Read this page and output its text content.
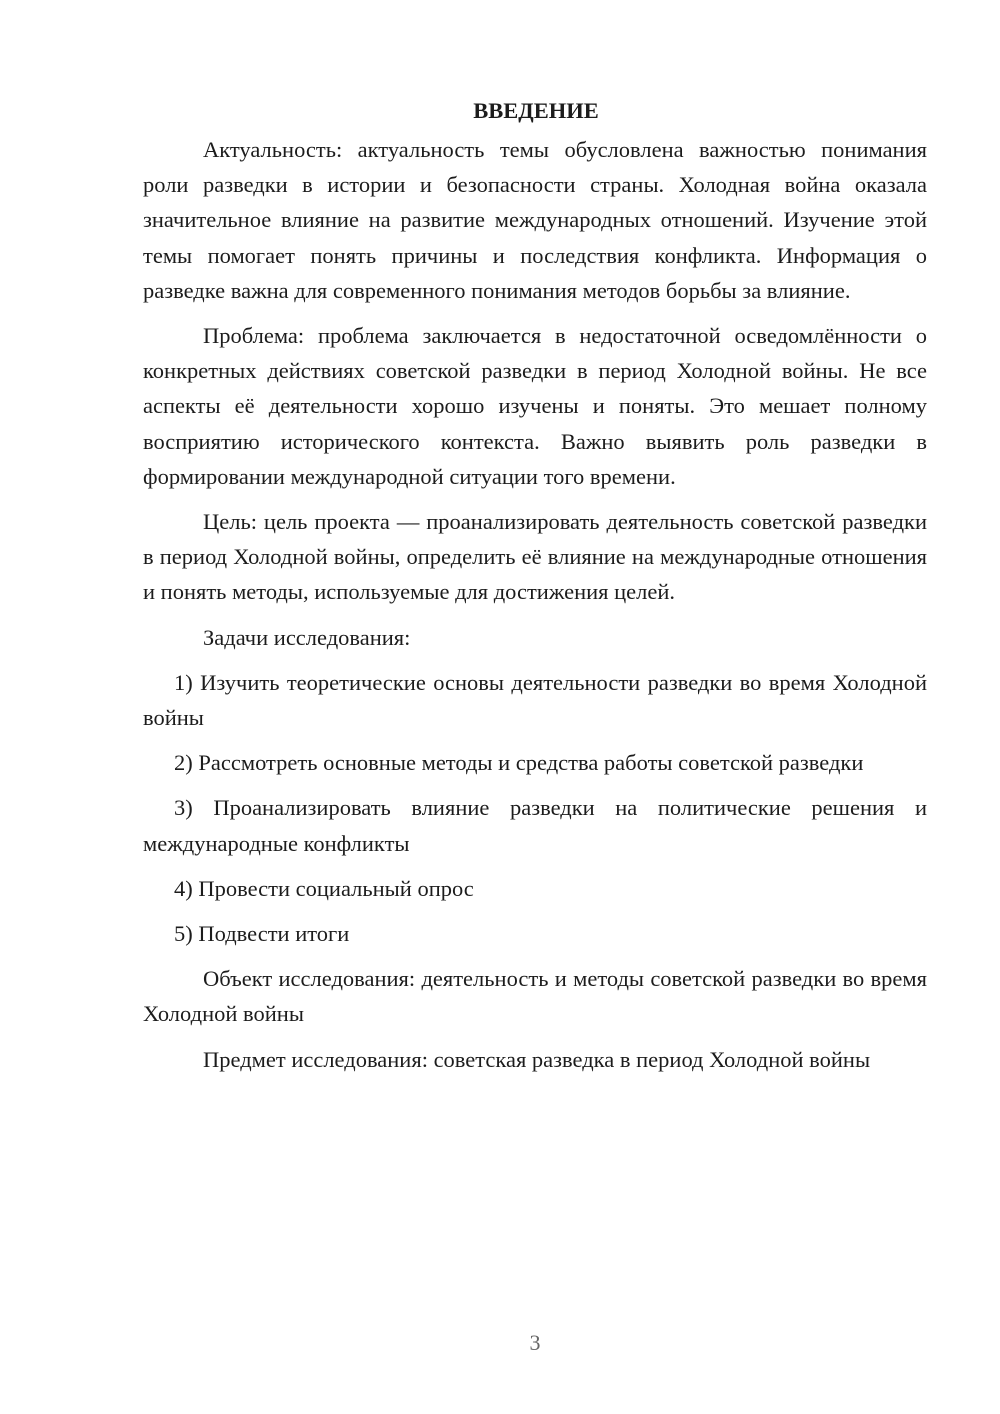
ВВЕДЕНИЕ

Актуальность: актуальность темы обусловлена важностью понимания роли разведки в истории и безопасности страны. Холодная война оказала значительное влияние на развитие международных отношений. Изучение этой темы помогает понять причины и последствия конфликта. Информация о разведке важна для современного понимания методов борьбы за влияние.

Проблема: проблема заключается в недостаточной осведомлённости о конкретных действиях советской разведки в период Холодной войны. Не все аспекты её деятельности хорошо изучены и поняты. Это мешает полному восприятию исторического контекста. Важно выявить роль разведки в формировании международной ситуации того времени.

Цель: цель проекта — проанализировать деятельность советской разведки в период Холодной войны, определить её влияние на международные отношения и понять методы, используемые для достижения целей.

Задачи исследования:

1) Изучить теоретические основы деятельности разведки во время Холодной войны

2) Рассмотреть основные методы и средства работы советской разведки

3) Проанализировать влияние разведки на политические решения и международные конфликты

4) Провести социальный опрос

5) Подвести итоги

Объект исследования: деятельность и методы советской разведки во время Холодной войны

Предмет исследования: советская разведка в период Холодной войны

3
